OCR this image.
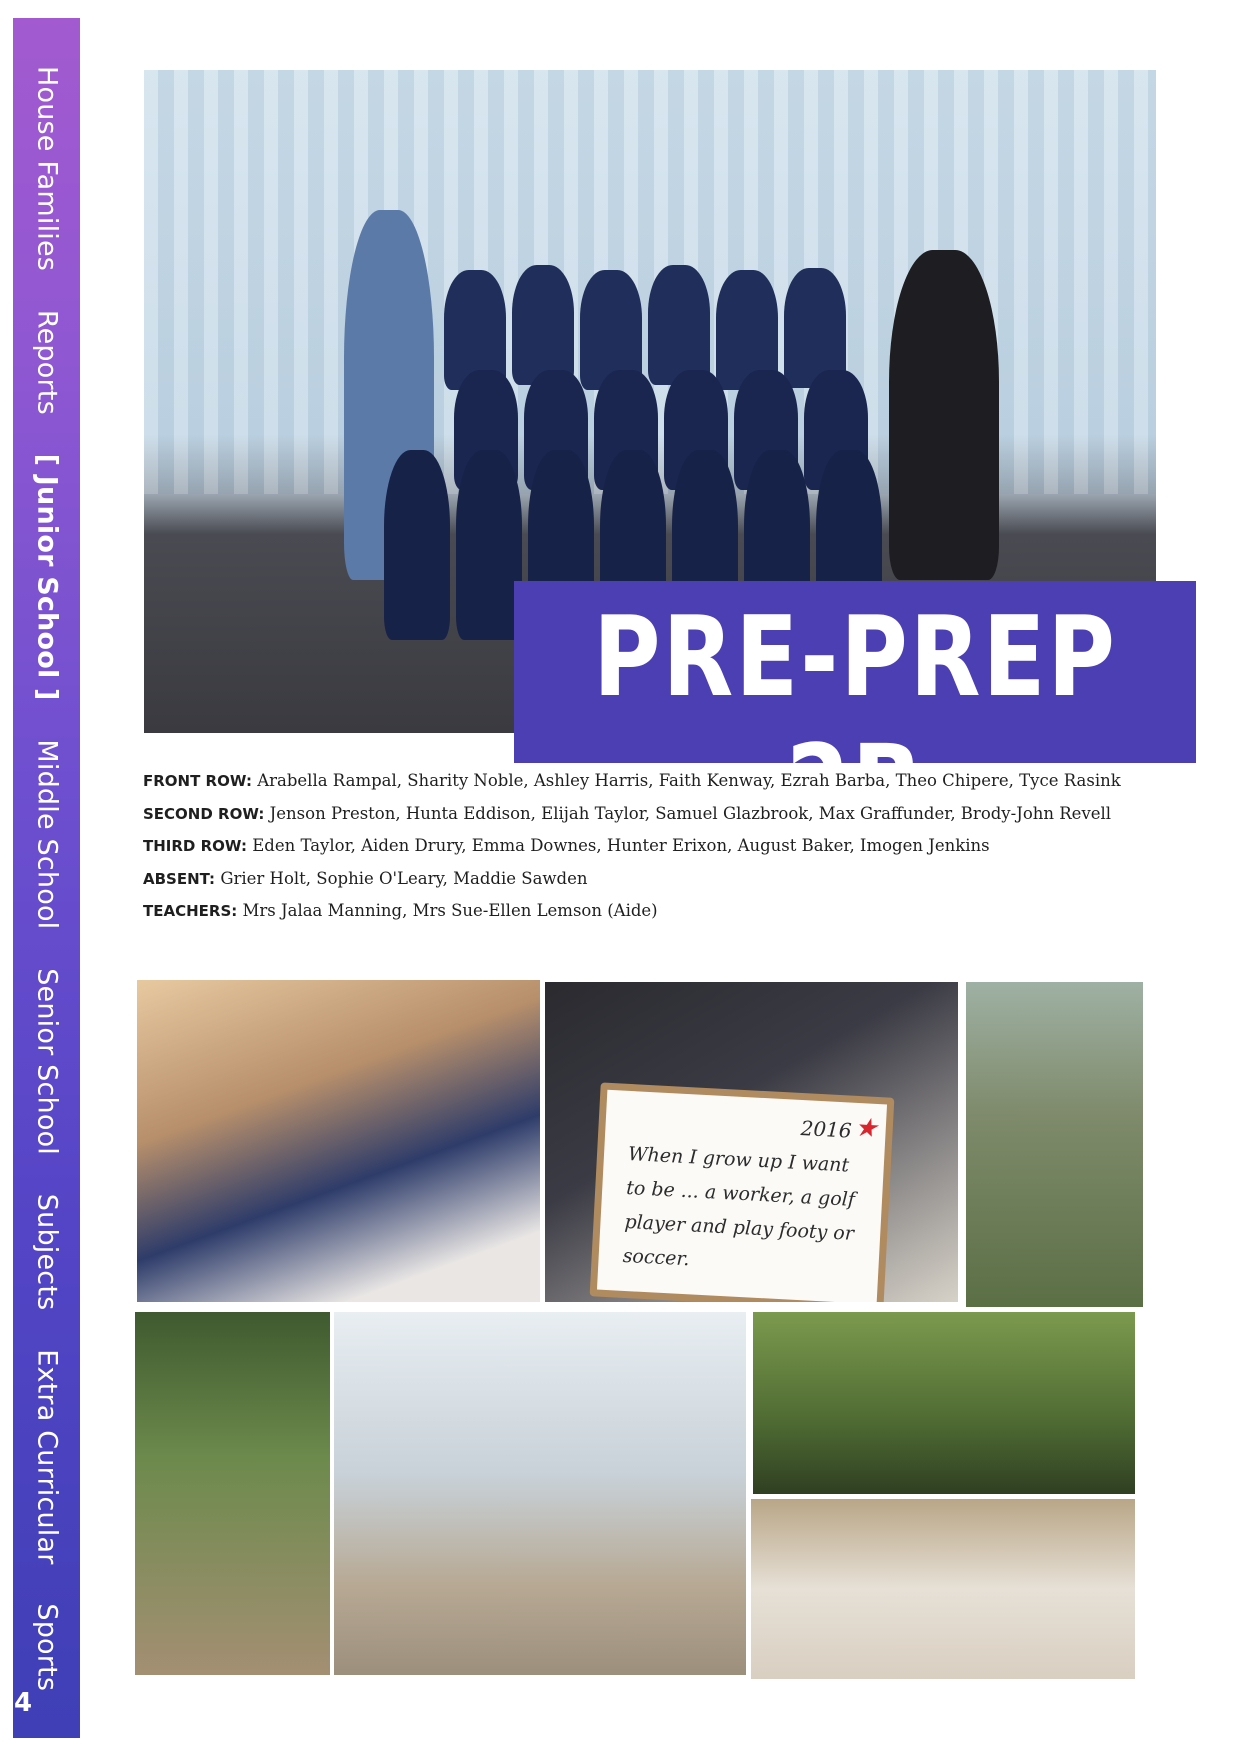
House Families Reports [ Junior School ] Middle School Senior School Subjects Extra Curricular Sports
4
PRE-PREP 2B
FRONT ROW: Arabella Rampal, Sharity Noble, Ashley Harris, Faith Kenway, Ezrah Barba, Theo Chipere, Tyce Rasink
SECOND ROW: Jenson Preston, Hunta Eddison, Elijah Taylor, Samuel Glazbrook, Max Graffunder, Brody-John Revell
THIRD ROW: Eden Taylor, Aiden Drury, Emma Downes, Hunter Erixon, August Baker, Imogen Jenkins
ABSENT: Grier Holt, Sophie O'Leary, Maddie Sawden
TEACHERS: Mrs Jalaa Manning, Mrs Sue-Ellen Lemson (Aide)
2016 ★
When I grow up I want
to be ... a worker, a golf
player and play footy or
soccer.
